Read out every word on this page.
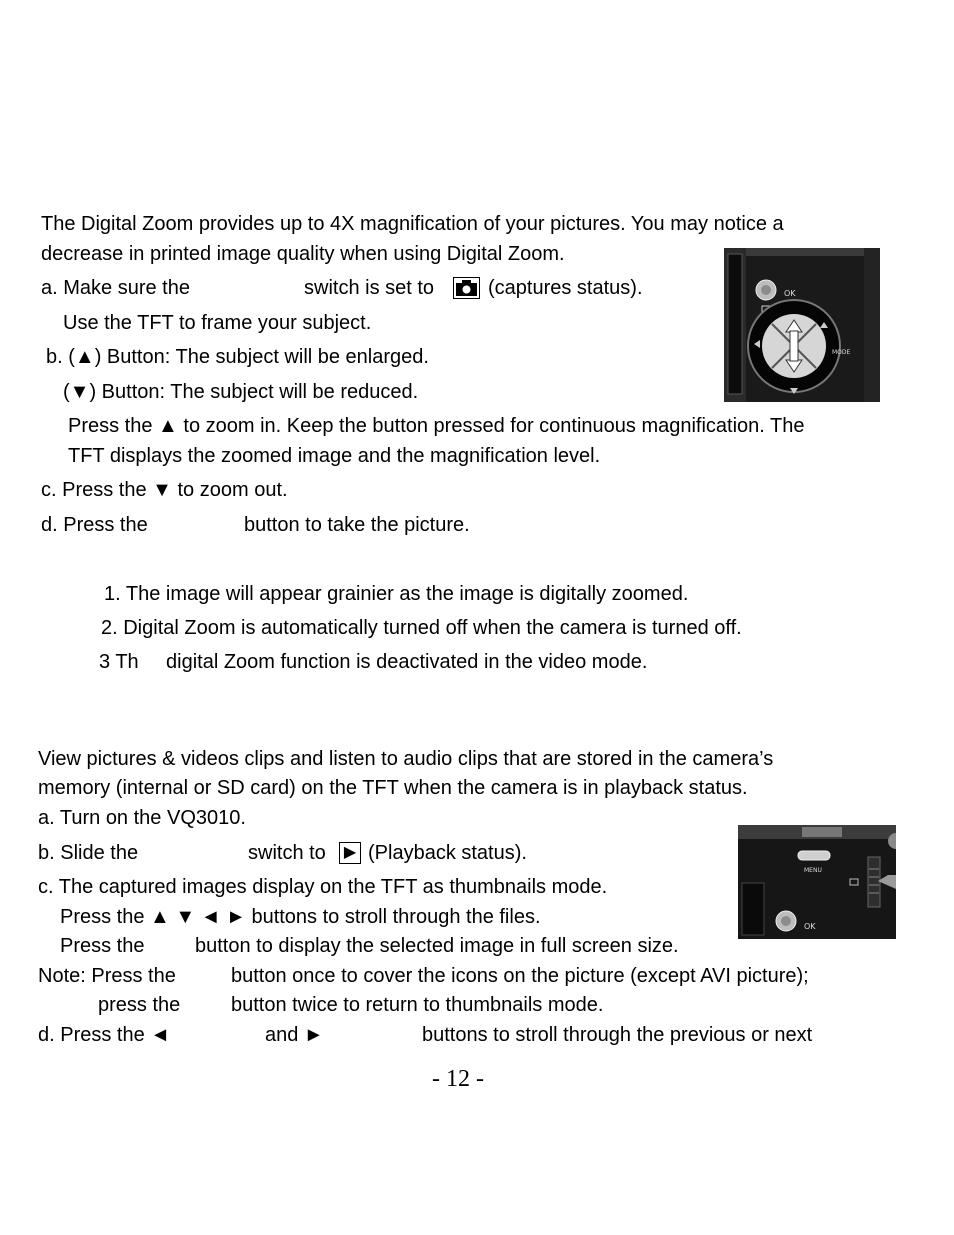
The Digital Zoom provides up to 4X magnification of your pictures. You may notice a
decrease in printed image quality when using Digital Zoom.
a. Make sure the	switch is set to	(captures status).
Use the TFT to frame your subject.
b. (▲) Button: The subject will be enlarged.
(▼) Button: The subject will be reduced.
Press the ▲ to zoom in. Keep the button pressed for continuous magnification. The
TFT displays the zoomed image and the magnification level.
c. Press the ▼ to zoom out.
d. Press the	button to take the picture.
OK
MODE
1. The image will appear grainier as the image is digitally zoomed.
2. Digital Zoom is automatically turned off when the camera is turned off.
3 Th digital Zoom function is deactivated in the video mode.
View pictures & videos clips and listen to audio clips that are stored in the camera’s
memory (internal or SD card) on the TFT when the camera is in playback status.
a. Turn on the VQ3010.
b. Slide the	switch to	▶ (Playback status).
c. The captured images display on the TFT as thumbnails mode.
Press the ▲ ▼ ◄ ► buttons to stroll through the files.
Press the	button to display the selected image in full screen size.
Note: Press the	button once to cover the icons on the picture (except AVI picture);
press the	button twice to return to thumbnails mode.
d. Press the ◄	and ►	buttons to stroll through the previous or next
MENU
OK
- 12 -
